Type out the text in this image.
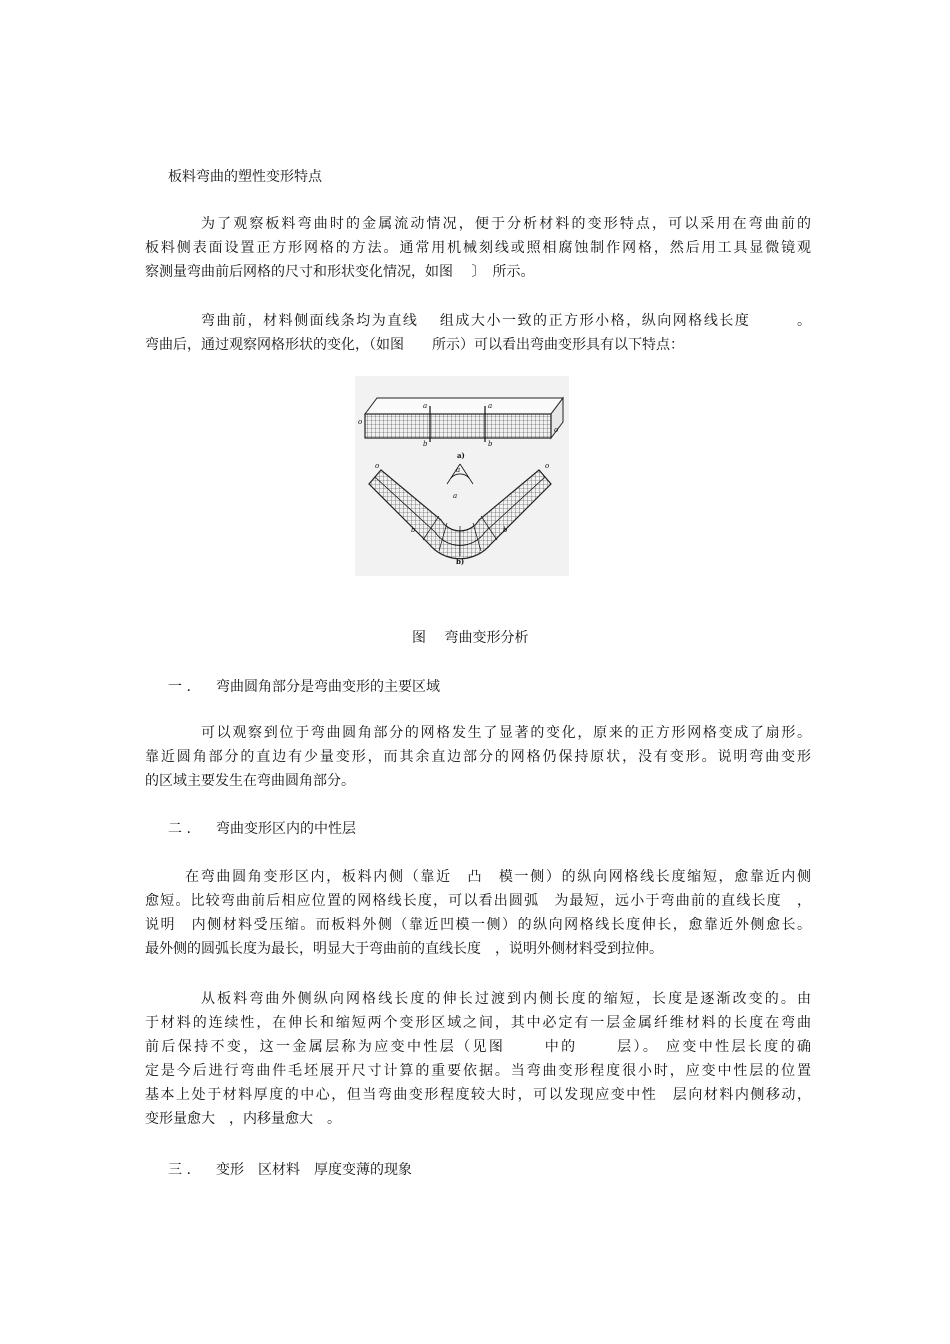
板料弯曲的塑性变形特点

为了观察板料弯曲时的金属流动情况，便于分析材料的变形特点，可以采用在弯曲前的
板料侧表面设置正方形网格的方法。通常用机械刻线或照相腐蚀制作网格，然后用工具显微镜观
察测量弯曲前后网格的尺寸和形状变化情况，如图　 〕　所示。
弯曲前，材料侧面线条均为直线　 组成大小一致的正方形小格，纵向网格线长度　　　。
弯曲后，通过观察网格形状的变化，（如图　　所示）可以看出弯曲变形具有以下特点：
a	a
o
o
b	b
a)
a
a
o	o
b	b
b)

图　 弯曲变形分析

一 . 弯曲圆角部分是弯曲变形的主要区域

可以观察到位于弯曲圆角部分的网格发生了显著的变化，原来的正方形网格变成了扇形。
靠近圆角部分的直边有少量变形，而其余直边部分的网格仍保持原状，没有变形。说明弯曲变形
的区域主要发生在弯曲圆角部分。

二 . 弯曲变形区内的中性层

在弯曲圆角变形区内，板料内侧（靠近　凸　模一侧）的纵向网格线长度缩短，愈靠近内侧
愈短。比较弯曲前后相应位置的网格线长度，可以看出圆弧　为最短，远小于弯曲前的直线长度　，
说明　内侧材料受压缩。而板料外侧（靠近凹模一侧）的纵向网格线长度伸长，愈靠近外侧愈长。
最外侧的圆弧长度为最长，明显大于弯曲前的直线长度　，说明外侧材料受到拉伸。
从板料弯曲外侧纵向网格线长度的伸长过渡到内侧长度的缩短，长度是逐渐改变的。由
于材料的连续性，在伸长和缩短两个变形区域之间，其中必定有一层金属纤维材料的长度在弯曲
前后保持不变，这一金属层称为应变中性层（见图　　 中的　　 层）。 应变中性层长度的确
定是今后进行弯曲件毛坯展开尺寸计算的重要依据。当弯曲变形程度很小时，应变中性层的位置
基本上处于材料厚度的中心，但当弯曲变形程度较大时，可以发现应变中性　层向材料内侧移动，
变形量愈大　，内移量愈大　。

三 . 变形　区材料　厚度变薄的现象
